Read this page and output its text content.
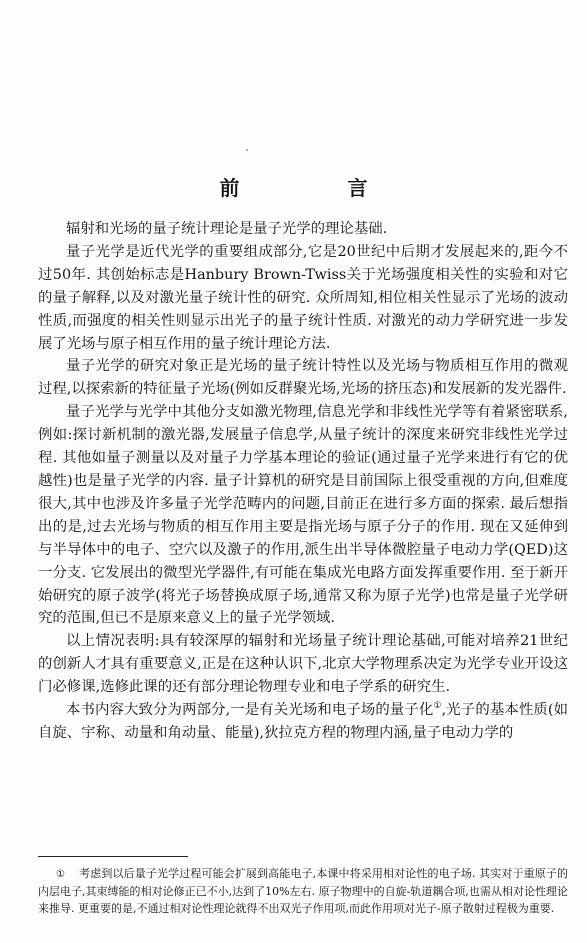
前　言

辐射和光场的量子统计理论是量子光学的理论基础.

量子光学是近代光学的重要组成部分,它是20世纪中后期才发展起来的,距今不过50年. 其创始标志是Hanbury Brown-Twiss关于光场强度相关性的实验和对它的量子解释,以及对激光量子统计性的研究. 众所周知,相位相关性显示了光场的波动性质,而强度的相关性则显示出光子的量子统计性质. 对激光的动力学研究进一步发展了光场与原子相互作用的量子统计理论方法.

量子光学的研究对象正是光场的量子统计特性以及光场与物质相互作用的微观过程,以探索新的特征量子光场(例如反群聚光场,光场的挤压态)和发展新的发光器件.

量子光学与光学中其他分支如激光物理,信息光学和非线性光学等有着紧密联系,例如:探讨新机制的激光器,发展量子信息学,从量子统计的深度来研究非线性光学过程. 其他如量子测量以及对量子力学基本理论的验证(通过量子光学来进行有它的优越性)也是量子光学的内容. 量子计算机的研究是目前国际上很受重视的方向,但难度很大,其中也涉及许多量子光学范畴内的问题,目前正在进行多方面的探索. 最后想指出的是,过去光场与物质的相互作用主要是指光场与原子分子的作用. 现在又延伸到与半导体中的电子、空穴以及激子的作用,派生出半导体微腔量子电动力学(QED)这一分支. 它发展出的微型光学器件,有可能在集成光电路方面发挥重要作用. 至于新开始研究的原子波学(将光子场替换成原子场,通常又称为原子光学)也常是量子光学研究的范围,但已不是原来意义上的量子光学领域.

以上情况表明:具有较深厚的辐射和光场量子统计理论基础,可能对培养21世纪的创新人才具有重要意义,正是在这种认识下,北京大学物理系决定为光学专业开设这门必修课,选修此课的还有部分理论物理专业和电子学系的研究生.

本书内容大致分为两部分,一是有关光场和电子场的量子化①,光子的基本性质(如自旋、宇称、动量和角动量、能量),狄拉克方程的物理内涵,量子电动力学的

① 考虑到以后量子光学过程可能会扩展到高能电子,本课中将采用相对论性的电子场. 其实对于重原子的内层电子,其束缚能的相对论修正已不小,达到了10%左右. 原子物理中的自旋-轨道耦合项,也需从相对论性理论来推导. 更重要的是,不通过相对论性理论就得不出双光子作用项,而此作用项对光子-原子散射过程极为重要.
